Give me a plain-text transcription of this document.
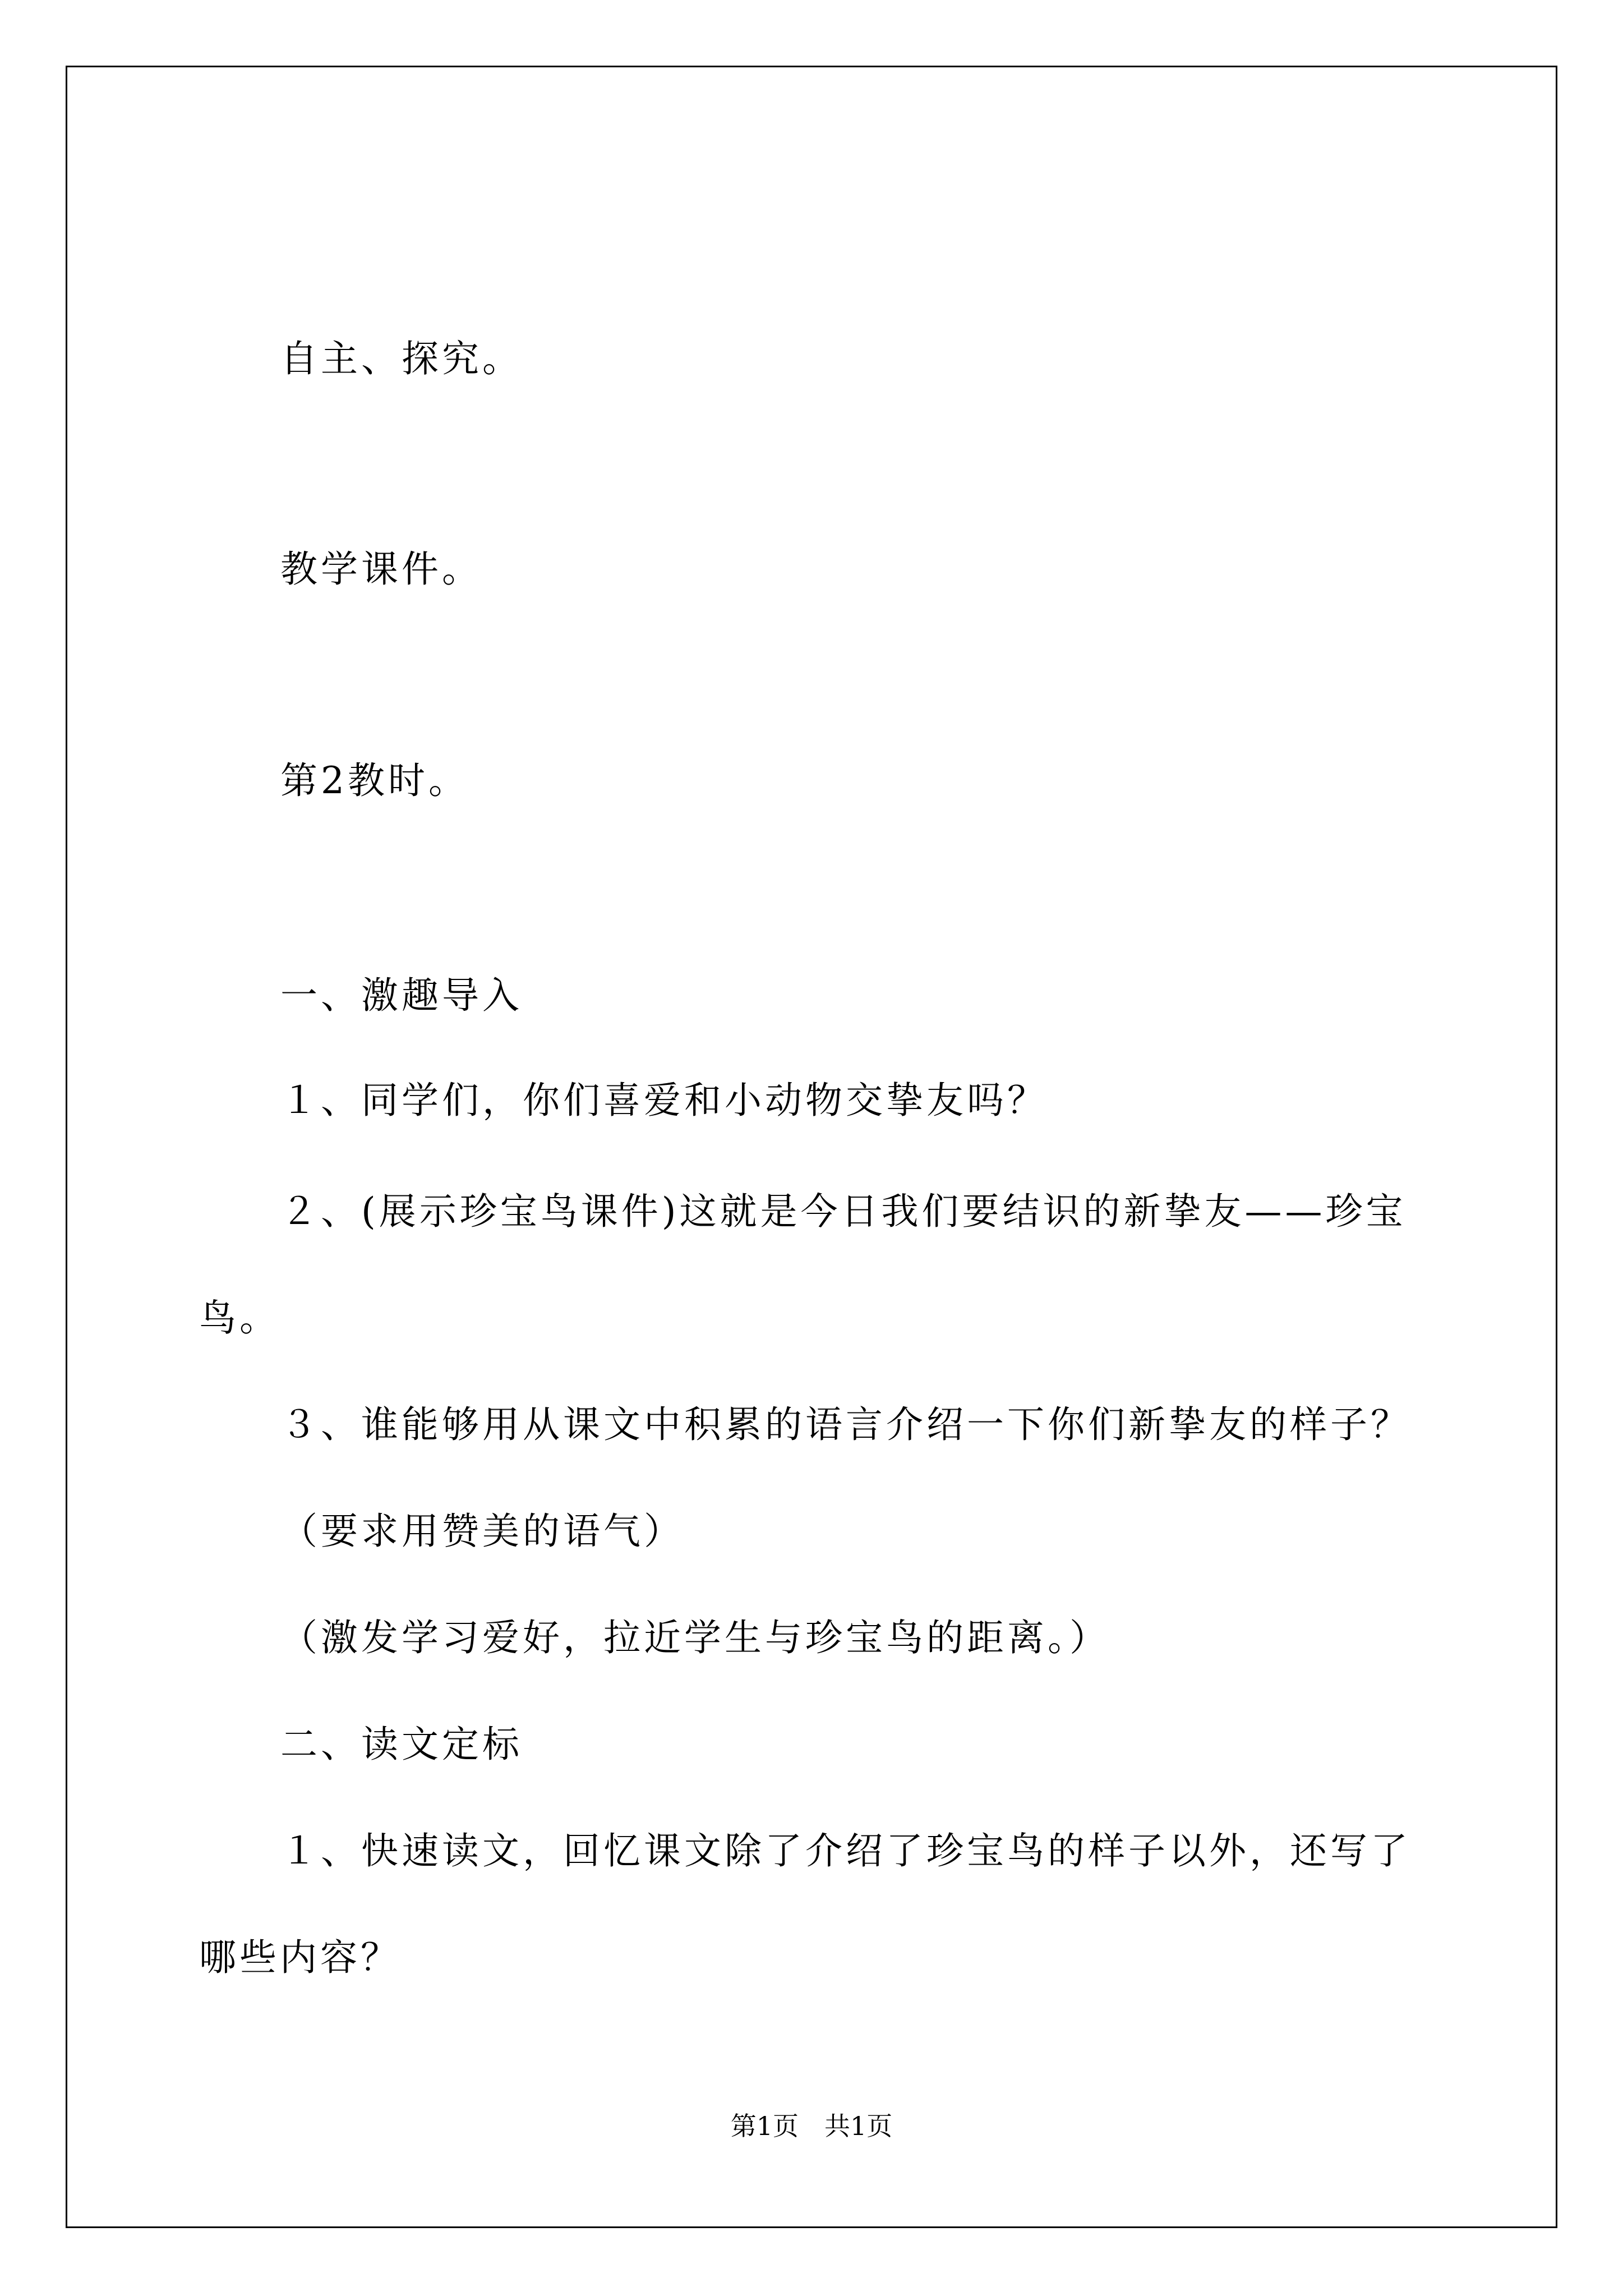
自主、探究。
教学课件。
第2教时。
一、激趣导入
１、同学们，你们喜爱和小动物交挚友吗？
２、(展示珍宝鸟课件)这就是今日我们要结识的新挚友——珍宝
鸟。
３、谁能够用从课文中积累的语言介绍一下你们新挚友的样子？
（要求用赞美的语气）
（激发学习爱好，拉近学生与珍宝鸟的距离。）
二、读文定标
１、快速读文，回忆课文除了介绍了珍宝鸟的样子以外，还写了
哪些内容？
第1页　共1页
